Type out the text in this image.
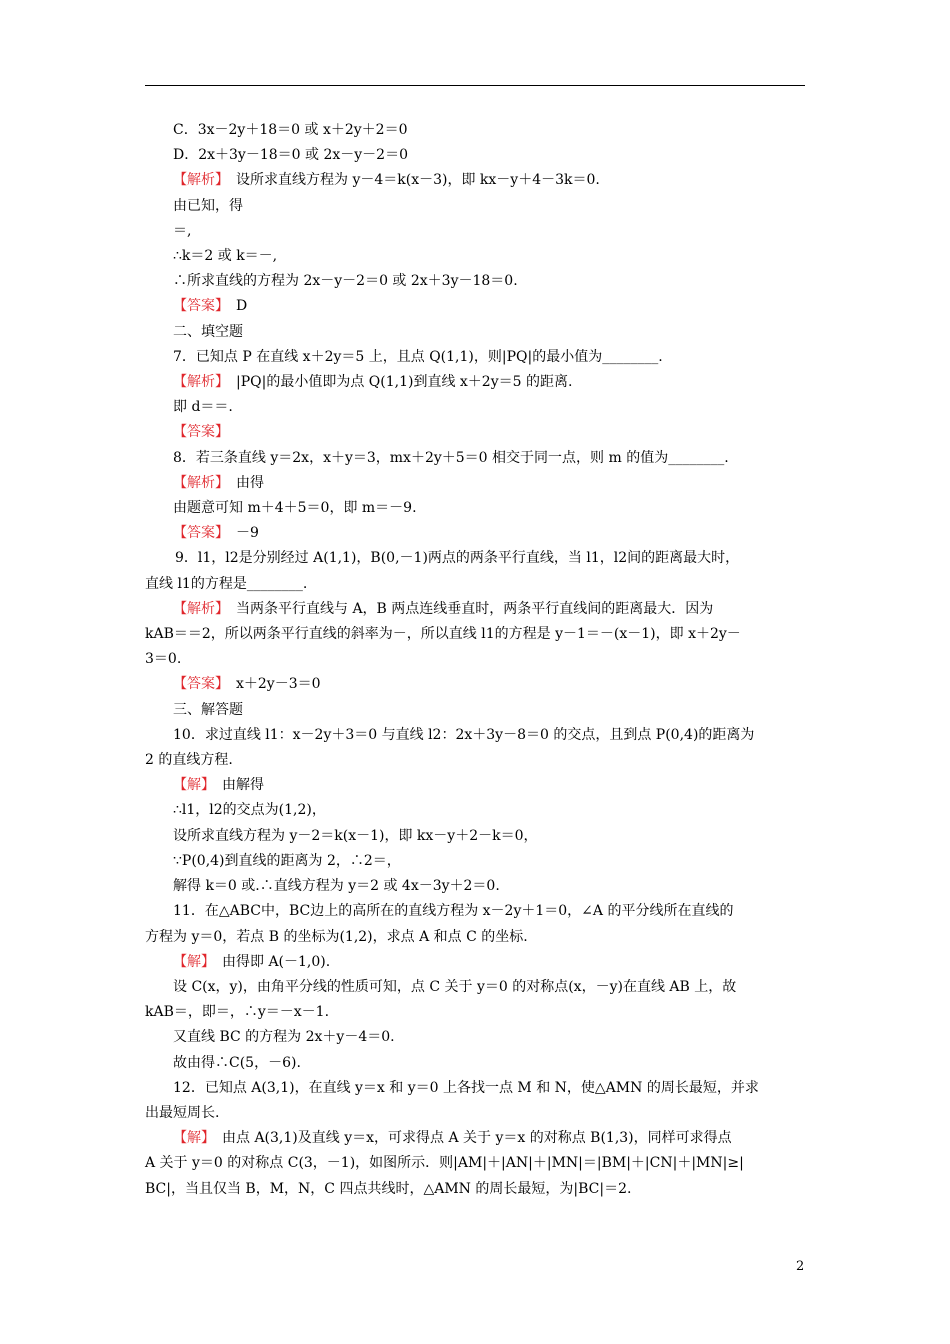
C．3x－2y＋18＝0 或 x＋2y＋2＝0
D．2x＋3y－18＝0 或 2x－y－2＝0
【解析】　设所求直线方程为 y－4＝k(x－3)，即 kx－y＋4－3k＝0.
由已知，得
＝,
∴k＝2 或 k＝－,
∴所求直线的方程为 2x－y－2＝0 或 2x＋3y－18＝0.
【答案】　D
二、填空题
7．已知点 P 在直线 x＋2y＝5 上，且点 Q(1,1)，则|PQ|的最小值为________.
【解析】　|PQ|的最小值即为点 Q(1,1)到直线 x＋2y＝5 的距离.
即 d＝＝.
【答案】
8．若三条直线 y＝2x，x＋y＝3，mx＋2y＋5＝0 相交于同一点，则 m 的值为________.
【解析】　由得
由题意可知 m＋4＋5＝0，即 m＝－9.
【答案】　－9
9．l1，l2是分别经过 A(1,1)，B(0,－1)两点的两条平行直线，当 l1，l2间的距离最大时，
直线 l1的方程是________.
【解析】　当两条平行直线与 A，B 两点连线垂直时，两条平行直线间的距离最大．因为
kAB＝＝2，所以两条平行直线的斜率为－，所以直线 l1的方程是 y－1＝－(x－1)，即 x＋2y－
3＝0.
【答案】　x＋2y－3＝0
三、解答题
10．求过直线 l1：x－2y＋3＝0 与直线 l2：2x＋3y－8＝0 的交点，且到点 P(0,4)的距离为
2 的直线方程.
【解】　由解得
∴l1，l2的交点为(1,2)，
设所求直线方程为 y－2＝k(x－1)，即 kx－y＋2－k＝0，
∵P(0,4)到直线的距离为 2，∴2＝，
解得 k＝0 或.∴直线方程为 y＝2 或 4x－3y＋2＝0.
11．在△ABC中，BC边上的高所在的直线方程为 x－2y＋1＝0，∠A 的平分线所在直线的
方程为 y＝0，若点 B 的坐标为(1,2)，求点 A 和点 C 的坐标.
【解】　由得即 A(－1,0).
设 C(x，y)，由角平分线的性质可知，点 C 关于 y＝0 的对称点(x，－y)在直线 AB 上，故
kAB＝，即＝，∴y＝－x－1.
又直线 BC 的方程为 2x＋y－4＝0.
故由得∴C(5，－6).
12．已知点 A(3,1)，在直线 y＝x 和 y＝0 上各找一点 M 和 N，使△AMN 的周长最短，并求
出最短周长.
【解】　由点 A(3,1)及直线 y＝x，可求得点 A 关于 y＝x 的对称点 B(1,3)，同样可求得点
A 关于 y＝0 的对称点 C(3，－1)，如图所示．则|AM|＋|AN|＋|MN|＝|BM|＋|CN|＋|MN|≥|
BC|，当且仅当 B，M，N，C 四点共线时，△AMN 的周长最短，为|BC|＝2.
2
